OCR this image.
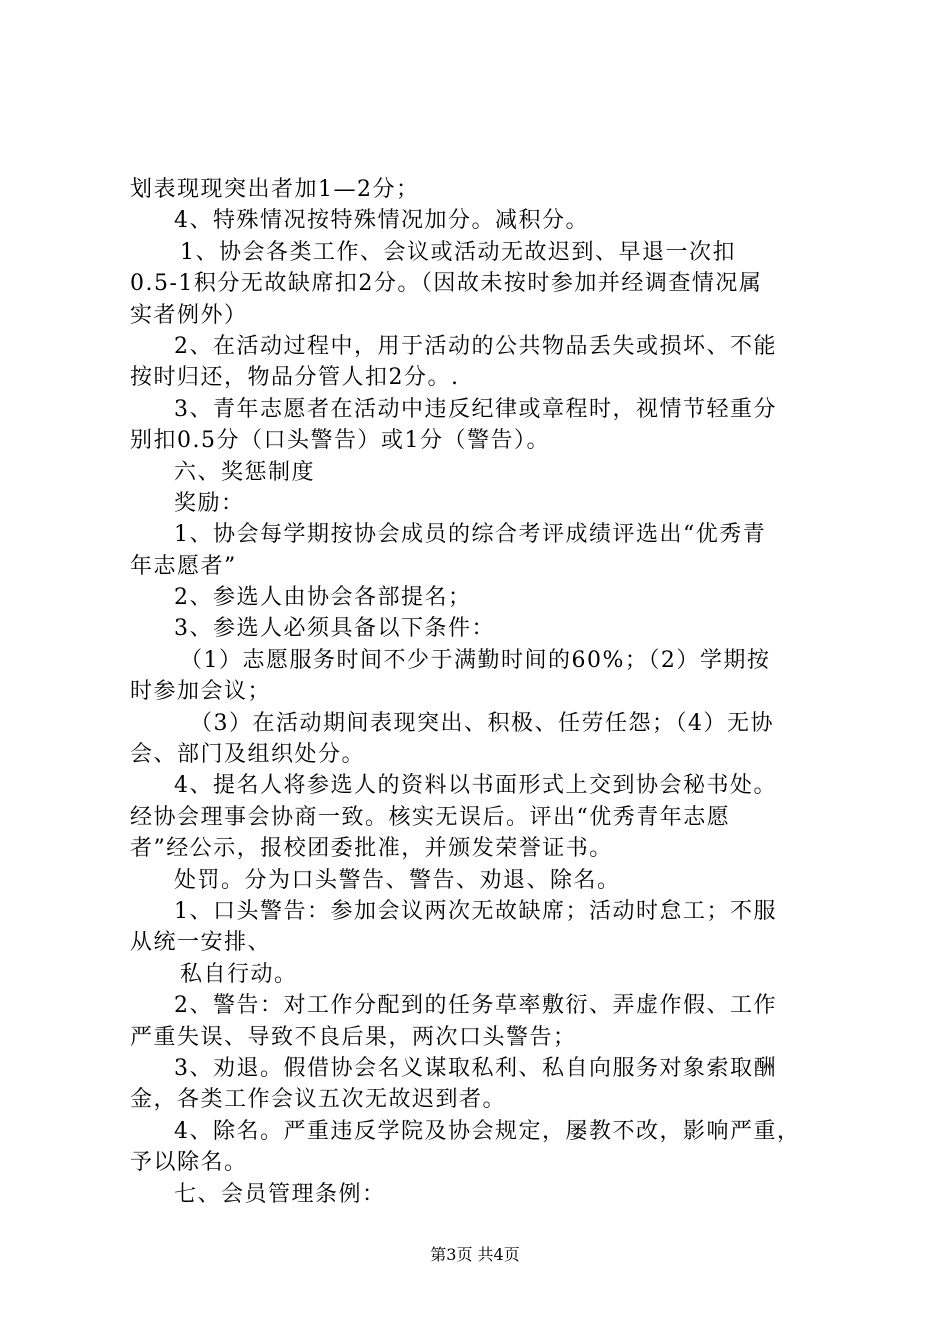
划表现现突出者加1—2分；
4、特殊情况按特殊情况加分。减积分。
1、协会各类工作、会议或活动无故迟到、早退一次扣
0.5-1积分无故缺席扣2分。（因故未按时参加并经调查情况属
实者例外）
2、在活动过程中，用于活动的公共物品丢失或损坏、不能
按时归还，物品分管人扣2分。.
3、青年志愿者在活动中违反纪律或章程时，视情节轻重分
别扣0.5分（口头警告）或1分（警告）。
六、奖惩制度
奖励：
1、协会每学期按协会成员的综合考评成绩评选出“优秀青
年志愿者”
2、参选人由协会各部提名；
3、参选人必须具备以下条件：
（1）志愿服务时间不少于满勤时间的60%；（2）学期按
时参加会议；
（3）在活动期间表现突出、积极、任劳任怨；（4）无协
会、部门及组织处分。
4、提名人将参选人的资料以书面形式上交到协会秘书处。
经协会理事会协商一致。核实无误后。评出“优秀青年志愿
者”经公示，报校团委批准，并颁发荣誉证书。
处罚。分为口头警告、警告、劝退、除名。
1、口头警告：参加会议两次无故缺席；活动时怠工；不服
从统一安排、
私自行动。
2、警告：对工作分配到的任务草率敷衍、弄虚作假、工作
严重失误、导致不良后果，两次口头警告；
3、劝退。假借协会名义谋取私利、私自向服务对象索取酬
金，各类工作会议五次无故迟到者。
4、除名。严重违反学院及协会规定，屡教不改，影响严重，
予以除名。
七、会员管理条例：
第3页 共4页
